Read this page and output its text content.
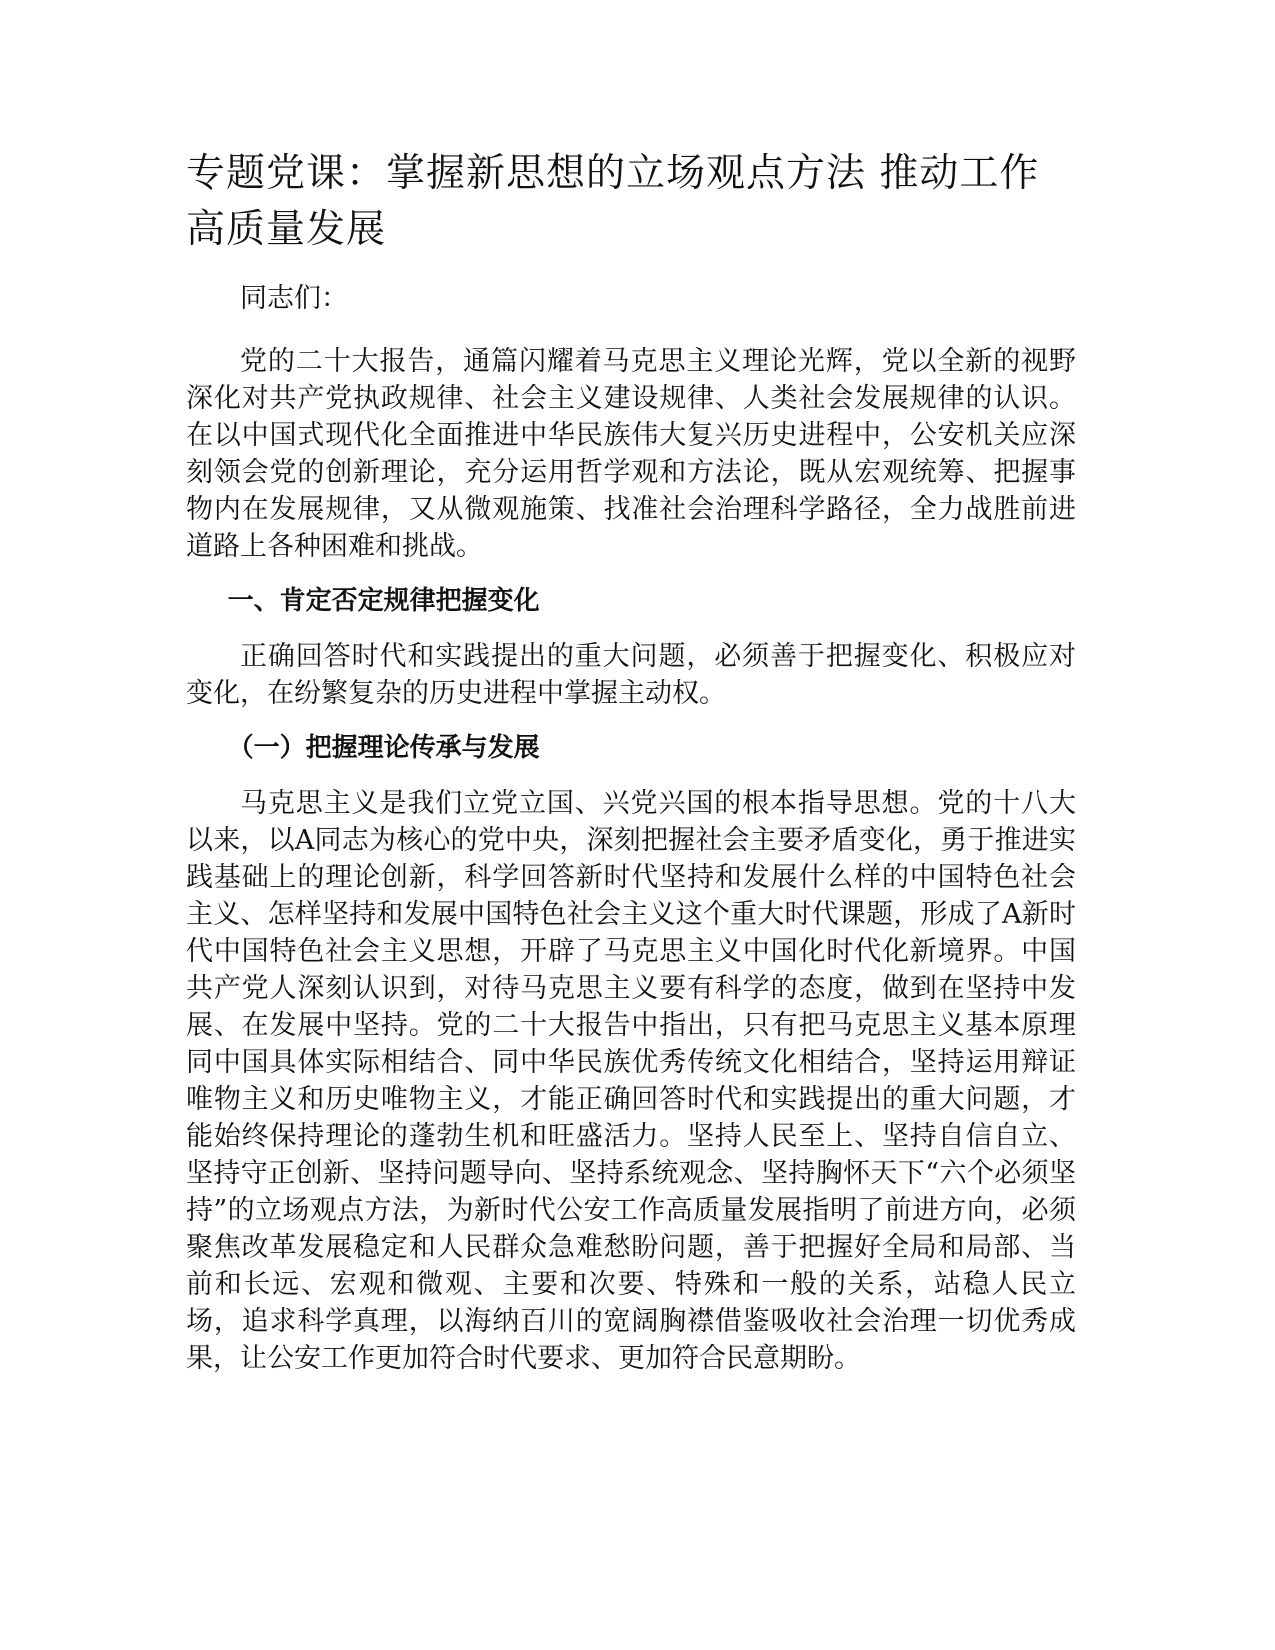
专题党课：掌握新思想的立场观点方法 推动工作高质量发展

同志们：

党的二十大报告，通篇闪耀着马克思主义理论光辉，党以全新的视野深化对共产党执政规律、社会主义建设规律、人类社会发展规律的认识。在以中国式现代化全面推进中华民族伟大复兴历史进程中，公安机关应深刻领会党的创新理论，充分运用哲学观和方法论，既从宏观统筹、把握事物内在发展规律，又从微观施策、找准社会治理科学路径，全力战胜前进道路上各种困难和挑战。

一、肯定否定规律把握变化

正确回答时代和实践提出的重大问题，必须善于把握变化、积极应对变化，在纷繁复杂的历史进程中掌握主动权。

（一）把握理论传承与发展

马克思主义是我们立党立国、兴党兴国的根本指导思想。党的十八大以来，以A同志为核心的党中央，深刻把握社会主要矛盾变化，勇于推进实践基础上的理论创新，科学回答新时代坚持和发展什么样的中国特色社会主义、怎样坚持和发展中国特色社会主义这个重大时代课题，形成了A新时代中国特色社会主义思想，开辟了马克思主义中国化时代化新境界。中国共产党人深刻认识到，对待马克思主义要有科学的态度，做到在坚持中发展、在发展中坚持。党的二十大报告中指出，只有把马克思主义基本原理同中国具体实际相结合、同中华民族优秀传统文化相结合，坚持运用辩证唯物主义和历史唯物主义，才能正确回答时代和实践提出的重大问题，才能始终保持理论的蓬勃生机和旺盛活力。坚持人民至上、坚持自信自立、坚持守正创新、坚持问题导向、坚持系统观念、坚持胸怀天下“六个必须坚持”的立场观点方法，为新时代公安工作高质量发展指明了前进方向，必须聚焦改革发展稳定和人民群众急难愁盼问题，善于把握好全局和局部、当前和长远、宏观和微观、主要和次要、特殊和一般的关系，站稳人民立场，追求科学真理，以海纳百川的宽阔胸襟借鉴吸收社会治理一切优秀成果，让公安工作更加符合时代要求、更加符合民意期盼。
